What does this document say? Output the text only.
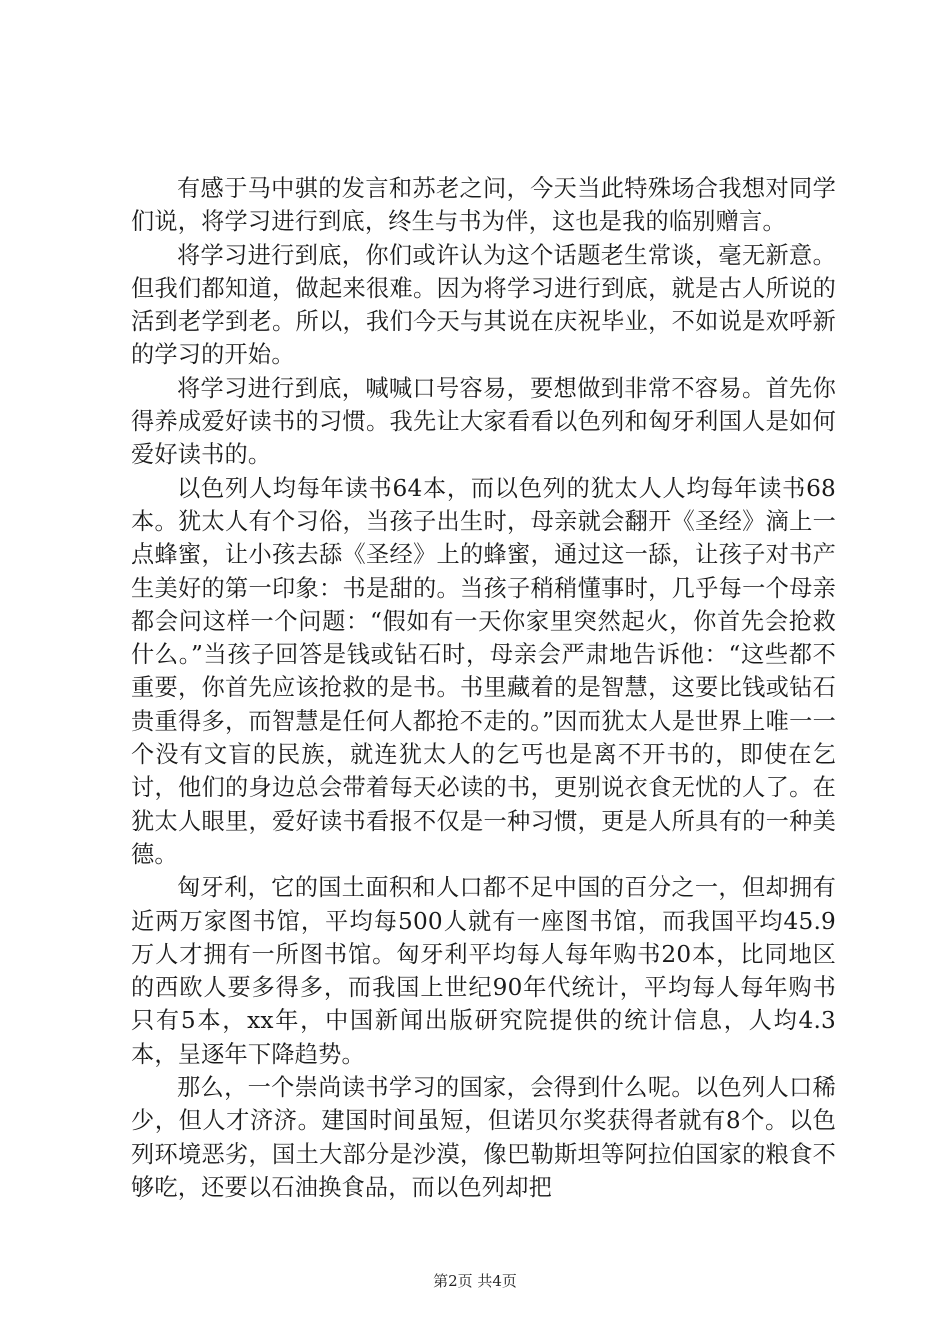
有感于马中骐的发言和苏老之问，今天当此特殊场合我想对同学们说，将学习进行到底，终生与书为伴，这也是我的临别赠言。

将学习进行到底，你们或许认为这个话题老生常谈，毫无新意。但我们都知道，做起来很难。因为将学习进行到底，就是古人所说的活到老学到老。所以，我们今天与其说在庆祝毕业，不如说是欢呼新的学习的开始。

将学习进行到底，喊喊口号容易，要想做到非常不容易。首先你得养成爱好读书的习惯。我先让大家看看以色列和匈牙利国人是如何爱好读书的。

以色列人均每年读书64本，而以色列的犹太人人均每年读书68本。犹太人有个习俗，当孩子出生时，母亲就会翻开《圣经》滴上一点蜂蜜，让小孩去舔《圣经》上的蜂蜜，通过这一舔，让孩子对书产生美好的第一印象：书是甜的。当孩子稍稍懂事时，几乎每一个母亲都会问这样一个问题：“假如有一天你家里突然起火，你首先会抢救什么。”当孩子回答是钱或钻石时，母亲会严肃地告诉他：“这些都不重要，你首先应该抢救的是书。书里藏着的是智慧，这要比钱或钻石贵重得多，而智慧是任何人都抢不走的。”因而犹太人是世界上唯一一个没有文盲的民族，就连犹太人的乞丐也是离不开书的，即使在乞讨，他们的身边总会带着每天必读的书，更别说衣食无忧的人了。在犹太人眼里，爱好读书看报不仅是一种习惯，更是人所具有的一种美德。

匈牙利，它的国土面积和人口都不足中国的百分之一，但却拥有近两万家图书馆，平均每500人就有一座图书馆，而我国平均45.9万人才拥有一所图书馆。匈牙利平均每人每年购书20本，比同地区的西欧人要多得多，而我国上世纪90年代统计，平均每人每年购书只有5本，xx年，中国新闻出版研究院提供的统计信息，人均4.3本，呈逐年下降趋势。

那么，一个崇尚读书学习的国家，会得到什么呢。以色列人口稀少，但人才济济。建国时间虽短，但诺贝尔奖获得者就有8个。以色列环境恶劣，国土大部分是沙漠，像巴勒斯坦等阿拉伯国家的粮食不够吃，还要以石油换食品，而以色列却把

第2页 共4页
